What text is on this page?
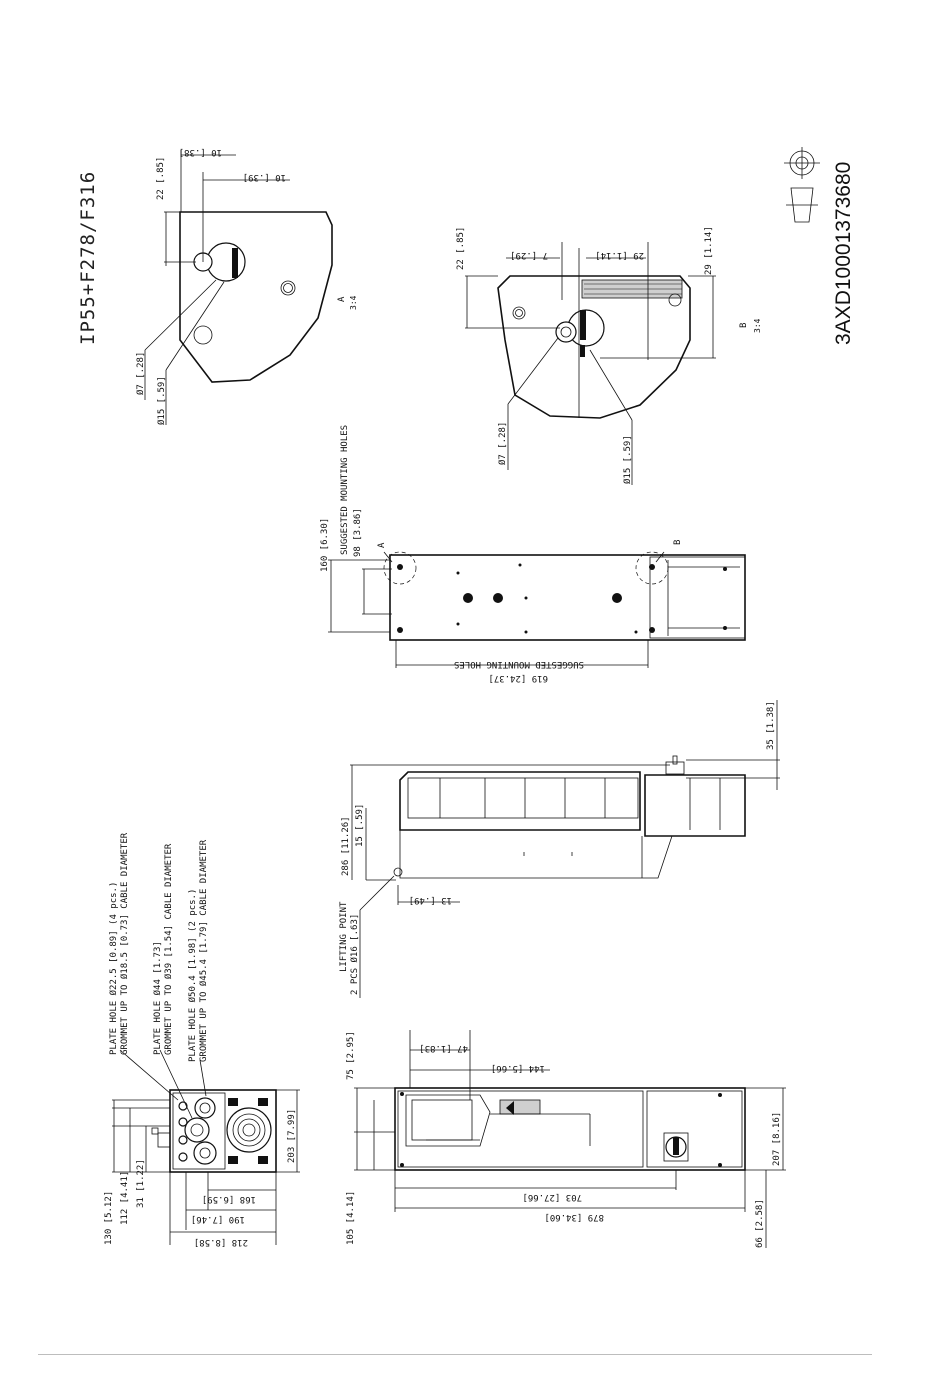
IP55+F278/F316	3AXD10001373680
10 [.38]
10 [.39]
22 [.85]
Ø7 [.28]
Ø15 [.59]
A 3:4
22 [.85]	7 [.29]	29 [1.14]	29 [1.14]
Ø7 [.28]	Ø15 [.59]
B 3:4
160 [6.30]	98 [3.86]
SUGGESTED MOUNTING HOLES
SUGGESTED MOUNTING HOLES
619 [24.37]
A
B
35 [1.38]
286 [11.26] 15 [.59]
13 [.49]
LIFTING POINT 2 PCS Ø16 [.63]
75 [2.95]	47 [1.83]
144 [5.66]
105 [4.14]	703 [27.66]
879 [34.60]
207 [8.16]
66 [2.58]
130 [5.12] 112 [4.41] 31 [1.22]	168 [6.59]
190 [7.46]
218 [8.58]
203 [7.99]
PLATE HOLE Ø22.5 [0.89] (4 pcs.) GROMMET UP TO Ø18.5 [0.73] CABLE DIAMETER	PLATE HOLE Ø44 [1.73] GROMMET UP TO Ø39 [1.54] CABLE DIAMETER PLATE HOLE Ø50.4 [1.98] (2 pcs.) GROMMET UP TO Ø45.4 [1.79] CABLE DIAMETER
